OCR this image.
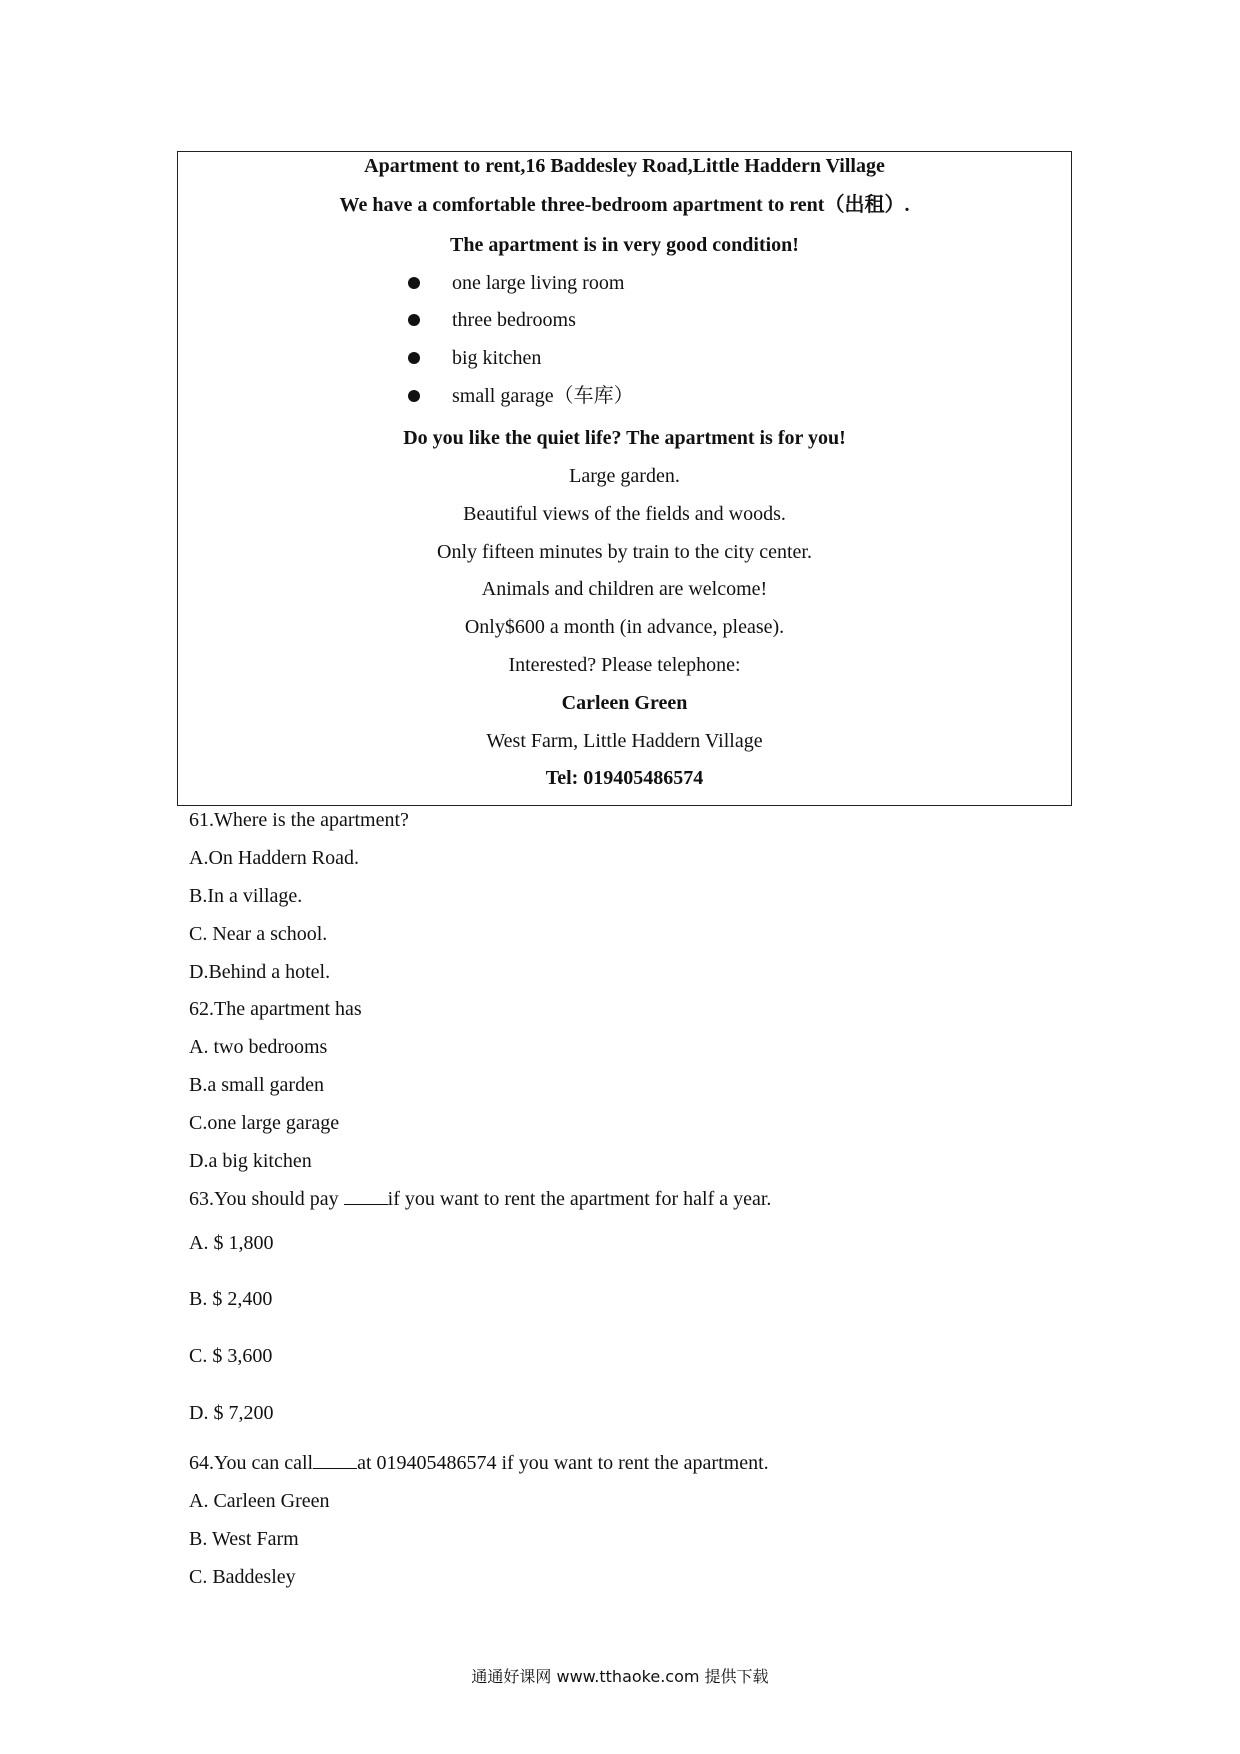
Apartment to rent,16 Baddesley Road,Little Haddern Village
We have a comfortable three-bedroom apartment to rent（出租）.
The apartment is in very good condition!
one large living room
three bedrooms
big kitchen
small garage（车库）
Do you like the quiet life? The apartment is for you!
Large garden.
Beautiful views of the fields and woods.
Only fifteen minutes by train to the city center.
Animals and children are welcome!
Only$600 a month (in advance, please).
Interested? Please telephone:
Carleen Green
West Farm, Little Haddern Village
Tel: 019405486574
61.Where is the apartment?
A.On Haddern Road.
B.In a village.
C. Near a school.
D.Behind a hotel.
62.The apartment has
A. two bedrooms
B.a small garden
C.one large garage
D.a big kitchen
63.You should pay if you want to rent the apartment for half a year.
A. $ 1,800
B. $ 2,400
C. $ 3,600
D. $ 7,200
64.You can call at 019405486574 if you want to rent the apartment.
A. Carleen Green
B. West Farm
C. Baddesley
通通好课网 www.tthaoke.com 提供下载
